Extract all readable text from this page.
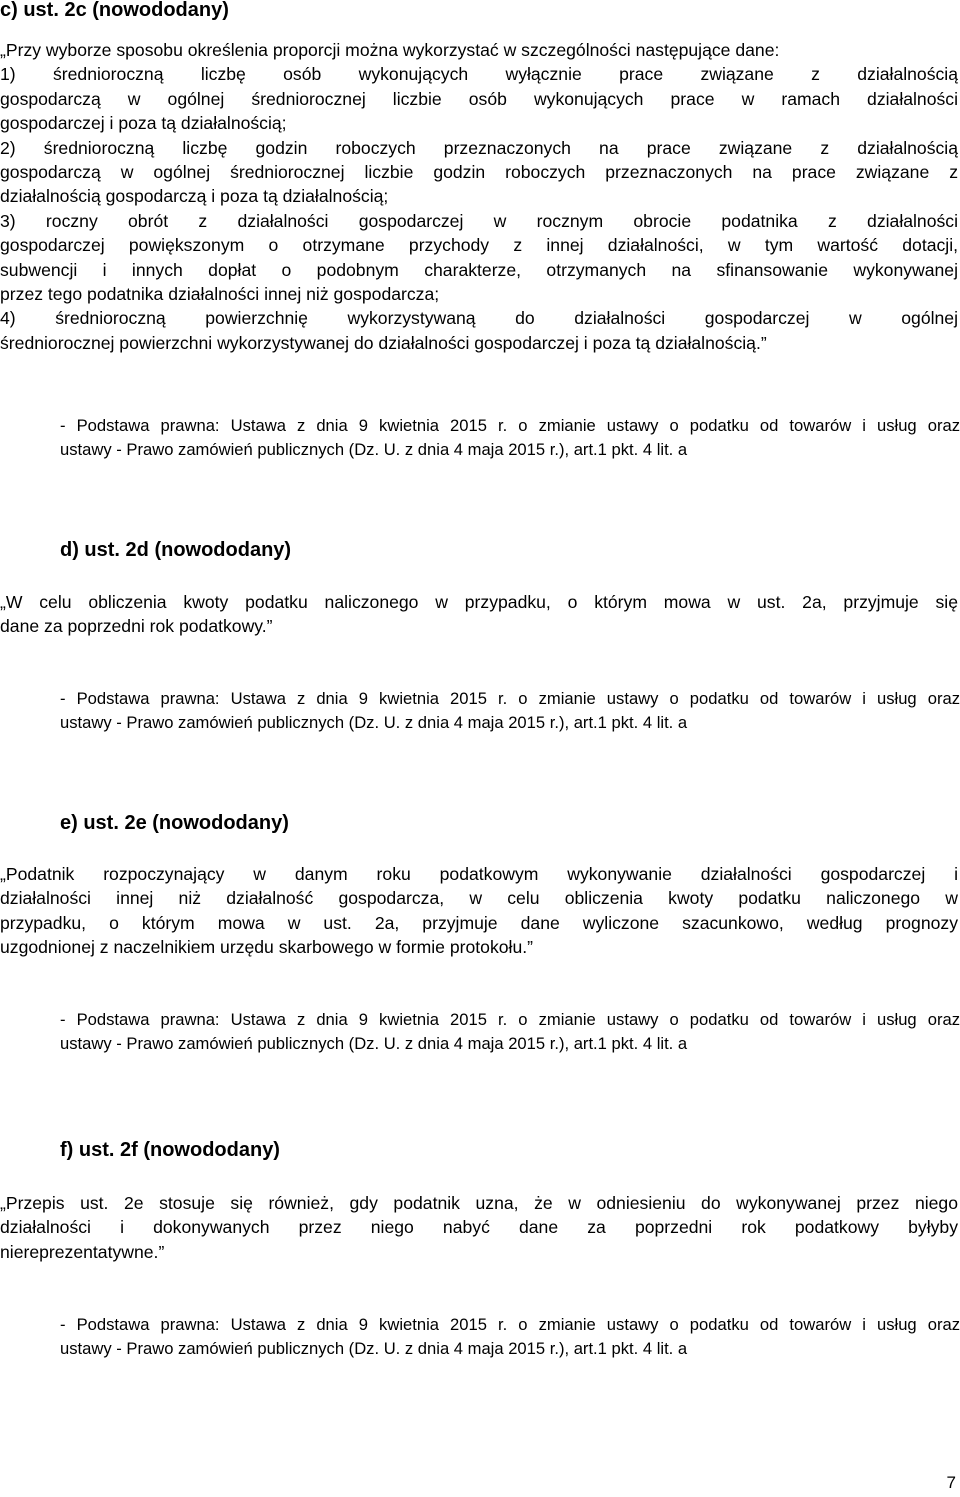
c) ust. 2c (nowododany)
„Przy wyborze sposobu określenia proporcji można wykorzystać w szczególności następujące dane:
1) średnioroczną liczbę osób wykonujących wyłącznie prace związane z działalnością
gospodarczą w ogólnej średniorocznej liczbie osób wykonujących prace w ramach działalności
gospodarczej i poza tą działalnością;
2) średnioroczną liczbę godzin roboczych przeznaczonych na prace związane z działalnością
gospodarczą w ogólnej średniorocznej liczbie godzin roboczych przeznaczonych na prace związane z
działalnością gospodarczą i poza tą działalnością;
3) roczny obrót z działalności gospodarczej w rocznym obrocie podatnika z działalności
gospodarczej powiększonym o otrzymane przychody z innej działalności, w tym wartość dotacji,
subwencji i innych dopłat o podobnym charakterze, otrzymanych na sfinansowanie wykonywanej
przez tego podatnika działalności innej niż gospodarcza;
4) średnioroczną powierzchnię wykorzystywaną do działalności gospodarczej w ogólnej
średniorocznej powierzchni wykorzystywanej do działalności gospodarczej i poza tą działalnością.”
- Podstawa prawna: Ustawa z dnia 9 kwietnia 2015 r. o zmianie ustawy o podatku od towarów i usług oraz
ustawy - Prawo zamówień publicznych (Dz. U. z dnia 4 maja 2015 r.), art.1 pkt. 4 lit. a
d) ust. 2d (nowododany)
„W celu obliczenia kwoty podatku naliczonego w przypadku, o którym mowa w ust. 2a, przyjmuje się
dane za poprzedni rok podatkowy.”
- Podstawa prawna: Ustawa z dnia 9 kwietnia 2015 r. o zmianie ustawy o podatku od towarów i usług oraz
ustawy - Prawo zamówień publicznych (Dz. U. z dnia 4 maja 2015 r.), art.1 pkt. 4 lit. a
e) ust. 2e (nowododany)
„Podatnik rozpoczynający w danym roku podatkowym wykonywanie działalności gospodarczej i
działalności innej niż działalność gospodarcza, w celu obliczenia kwoty podatku naliczonego w
przypadku, o którym mowa w ust. 2a, przyjmuje dane wyliczone szacunkowo, według prognozy
uzgodnionej z naczelnikiem urzędu skarbowego w formie protokołu.”
- Podstawa prawna: Ustawa z dnia 9 kwietnia 2015 r. o zmianie ustawy o podatku od towarów i usług oraz
ustawy - Prawo zamówień publicznych (Dz. U. z dnia 4 maja 2015 r.), art.1 pkt. 4 lit. a
f) ust. 2f (nowododany)
„Przepis ust. 2e stosuje się również, gdy podatnik uzna, że w odniesieniu do wykonywanej przez niego
działalności i dokonywanych przez niego nabyć dane za poprzedni rok podatkowy byłyby
niereprezentatywne.”
- Podstawa prawna: Ustawa z dnia 9 kwietnia 2015 r. o zmianie ustawy o podatku od towarów i usług oraz
ustawy - Prawo zamówień publicznych (Dz. U. z dnia 4 maja 2015 r.), art.1 pkt. 4 lit. a
7
